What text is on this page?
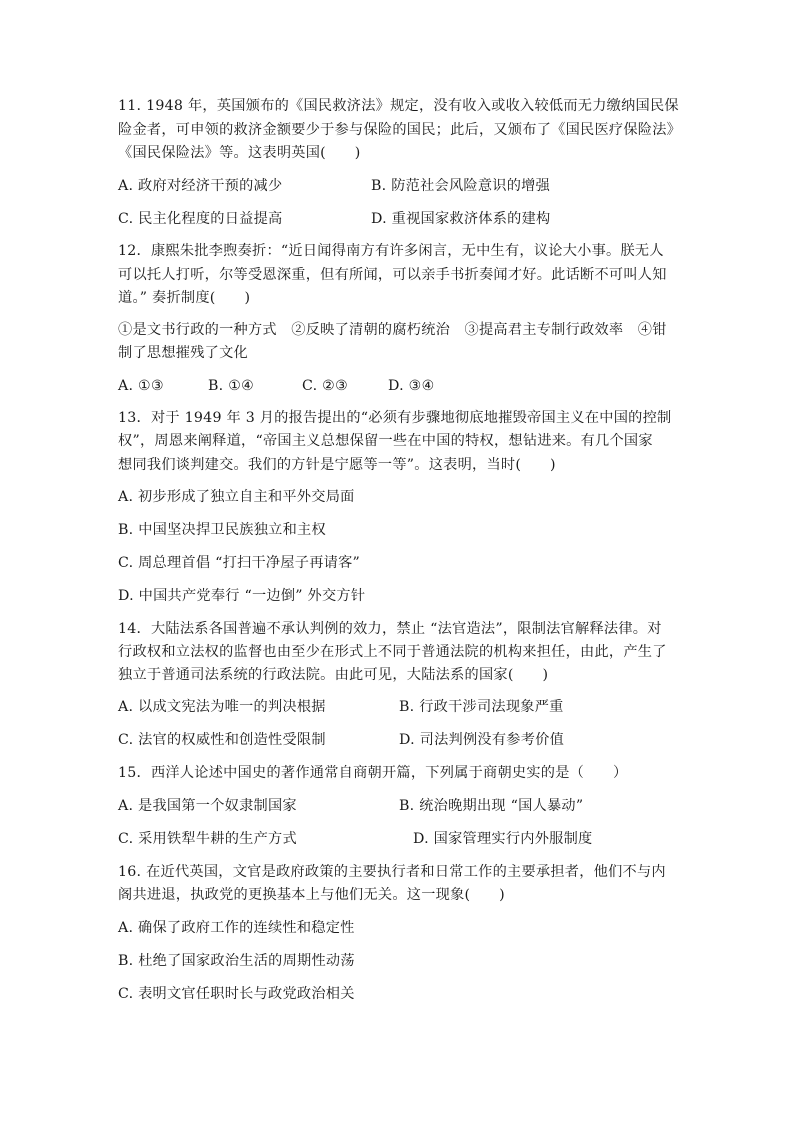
11. 1948 年，英国颁布的《国民救济法》规定，没有收入或收入较低而无力缴纳国民保

险金者，可申领的救济金额要少于参与保险的国民；此后，又颁布了《国民医疗保险法》

《国民保险法》等。这表明英国(　　)

A. 政府对经济干预的减少	B. 防范社会风险意识的增强

C. 民主化程度的日益提高	D. 重视国家救济体系的建构

12．康熙朱批李煦奏折：“近日闻得南方有许多闲言，无中生有，议论大小事。朕无人

可以托人打听，尔等受恩深重，但有所闻，可以亲手书折奏闻才好。此话断不可叫人知

道。” 奏折制度(　　)

①是文书行政的一种方式　②反映了清朝的腐朽统治　③提高君主专制行政效率　④钳

制了思想摧残了文化

A. ①③	B. ①④	C. ②③	D. ③④

13．对于 1949 年 3 月的报告提出的“必须有步骤地彻底地摧毁帝国主义在中国的控制

权”，周恩来阐释道，“帝国主义总想保留一些在中国的特权，想钻进来。有几个国家

想同我们谈判建交。我们的方针是宁愿等一等”。这表明，当时(　　)

A. 初步形成了独立自主和平外交局面

B. 中国坚决捍卫民族独立和主权

C. 周总理首倡 “打扫干净屋子再请客”

D. 中国共产党奉行 “一边倒” 外交方针

14．大陆法系各国普遍不承认判例的效力，禁止 “法官造法”，限制法官解释法律。对

行政权和立法权的监督也由至少在形式上不同于普通法院的机构来担任，由此，产生了

独立于普通司法系统的行政法院。由此可见，大陆法系的国家(　　)

A. 以成文宪法为唯一的判决根据	B. 行政干涉司法现象严重

C. 法官的权威性和创造性受限制	D. 司法判例没有参考价值

15．西洋人论述中国史的著作通常自商朝开篇，下列属于商朝史实的是（　　）

A. 是我国第一个奴隶制国家	B. 统治晚期出现 “国人暴动”

C. 采用铁犁牛耕的生产方式	D. 国家管理实行内外服制度

16. 在近代英国，文官是政府政策的主要执行者和日常工作的主要承担者，他们不与内

阁共进退，执政党的更换基本上与他们无关。这一现象(　　)

A. 确保了政府工作的连续性和稳定性

B. 杜绝了国家政治生活的周期性动荡

C. 表明文官任职时长与政党政治相关
